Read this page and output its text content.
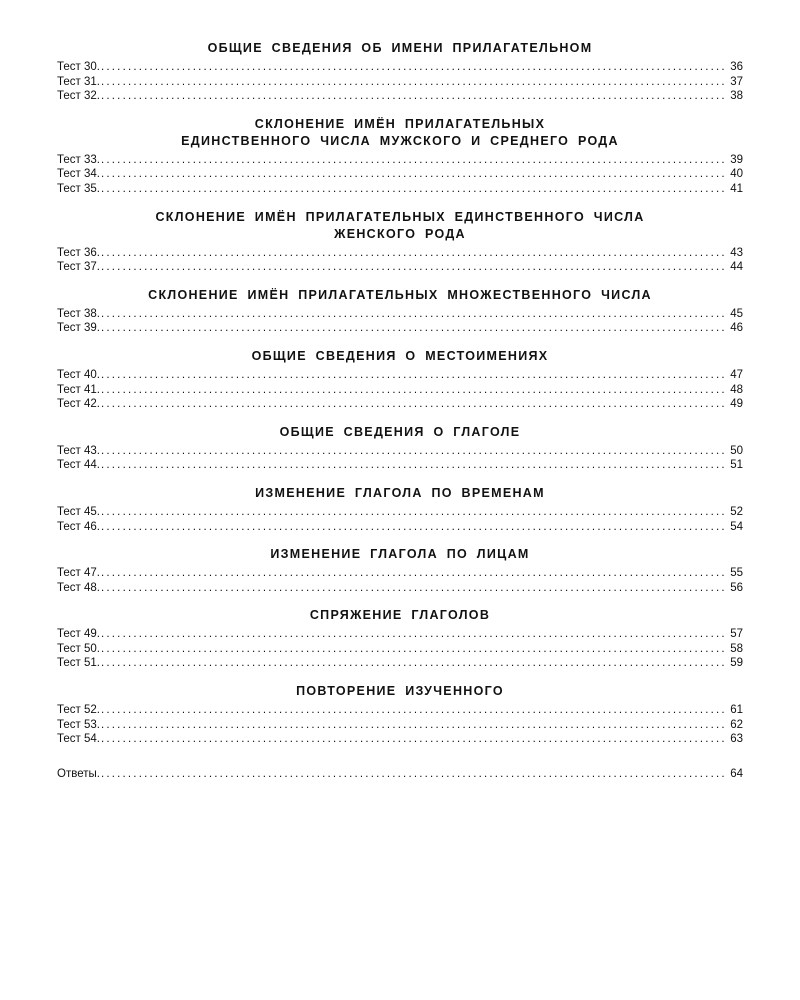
ОБЩИЕ СВЕДЕНИЯ ОБ ИМЕНИ ПРИЛАГАТЕЛЬНОМ
Тест 30. .....	36
Тест 31. .....	37
Тест 32. .....	38
СКЛОНЕНИЕ ИМЁН ПРИЛАГАТЕЛЬНЫХ
ЕДИНСТВЕННОГО ЧИСЛА МУЖСКОГО И СРЕДНЕГО РОДА
Тест 33. .....	39
Тест 34. .....	40
Тест 35. .....	41
СКЛОНЕНИЕ ИМЁН ПРИЛАГАТЕЛЬНЫХ ЕДИНСТВЕННОГО ЧИСЛА
ЖЕНСКОГО РОДА
Тест 36. .....	43
Тест 37. .....	44
СКЛОНЕНИЕ ИМЁН ПРИЛАГАТЕЛЬНЫХ МНОЖЕСТВЕННОГО ЧИСЛА
Тест 38. .....	45
Тест 39. .....	46
ОБЩИЕ СВЕДЕНИЯ О МЕСТОИМЕНИЯХ
Тест 40. .....	47
Тест 41. .....	48
Тест 42. .....	49
ОБЩИЕ СВЕДЕНИЯ О ГЛАГОЛЕ
Тест 43. .....	50
Тест 44. .....	51
ИЗМЕНЕНИЕ ГЛАГОЛА ПО ВРЕМЕНАМ
Тест 45. .....	52
Тест 46. .....	54
ИЗМЕНЕНИЕ ГЛАГОЛА ПО ЛИЦАМ
Тест 47. .....	55
Тест 48. .....	56
СПРЯЖЕНИЕ ГЛАГОЛОВ
Тест 49. .....	57
Тест 50. .....	58
Тест 51. .....	59
ПОВТОРЕНИЕ ИЗУЧЕННОГО
Тест 52. .....	61
Тест 53. .....	62
Тест 54. .....	63
Ответы. .....	64
